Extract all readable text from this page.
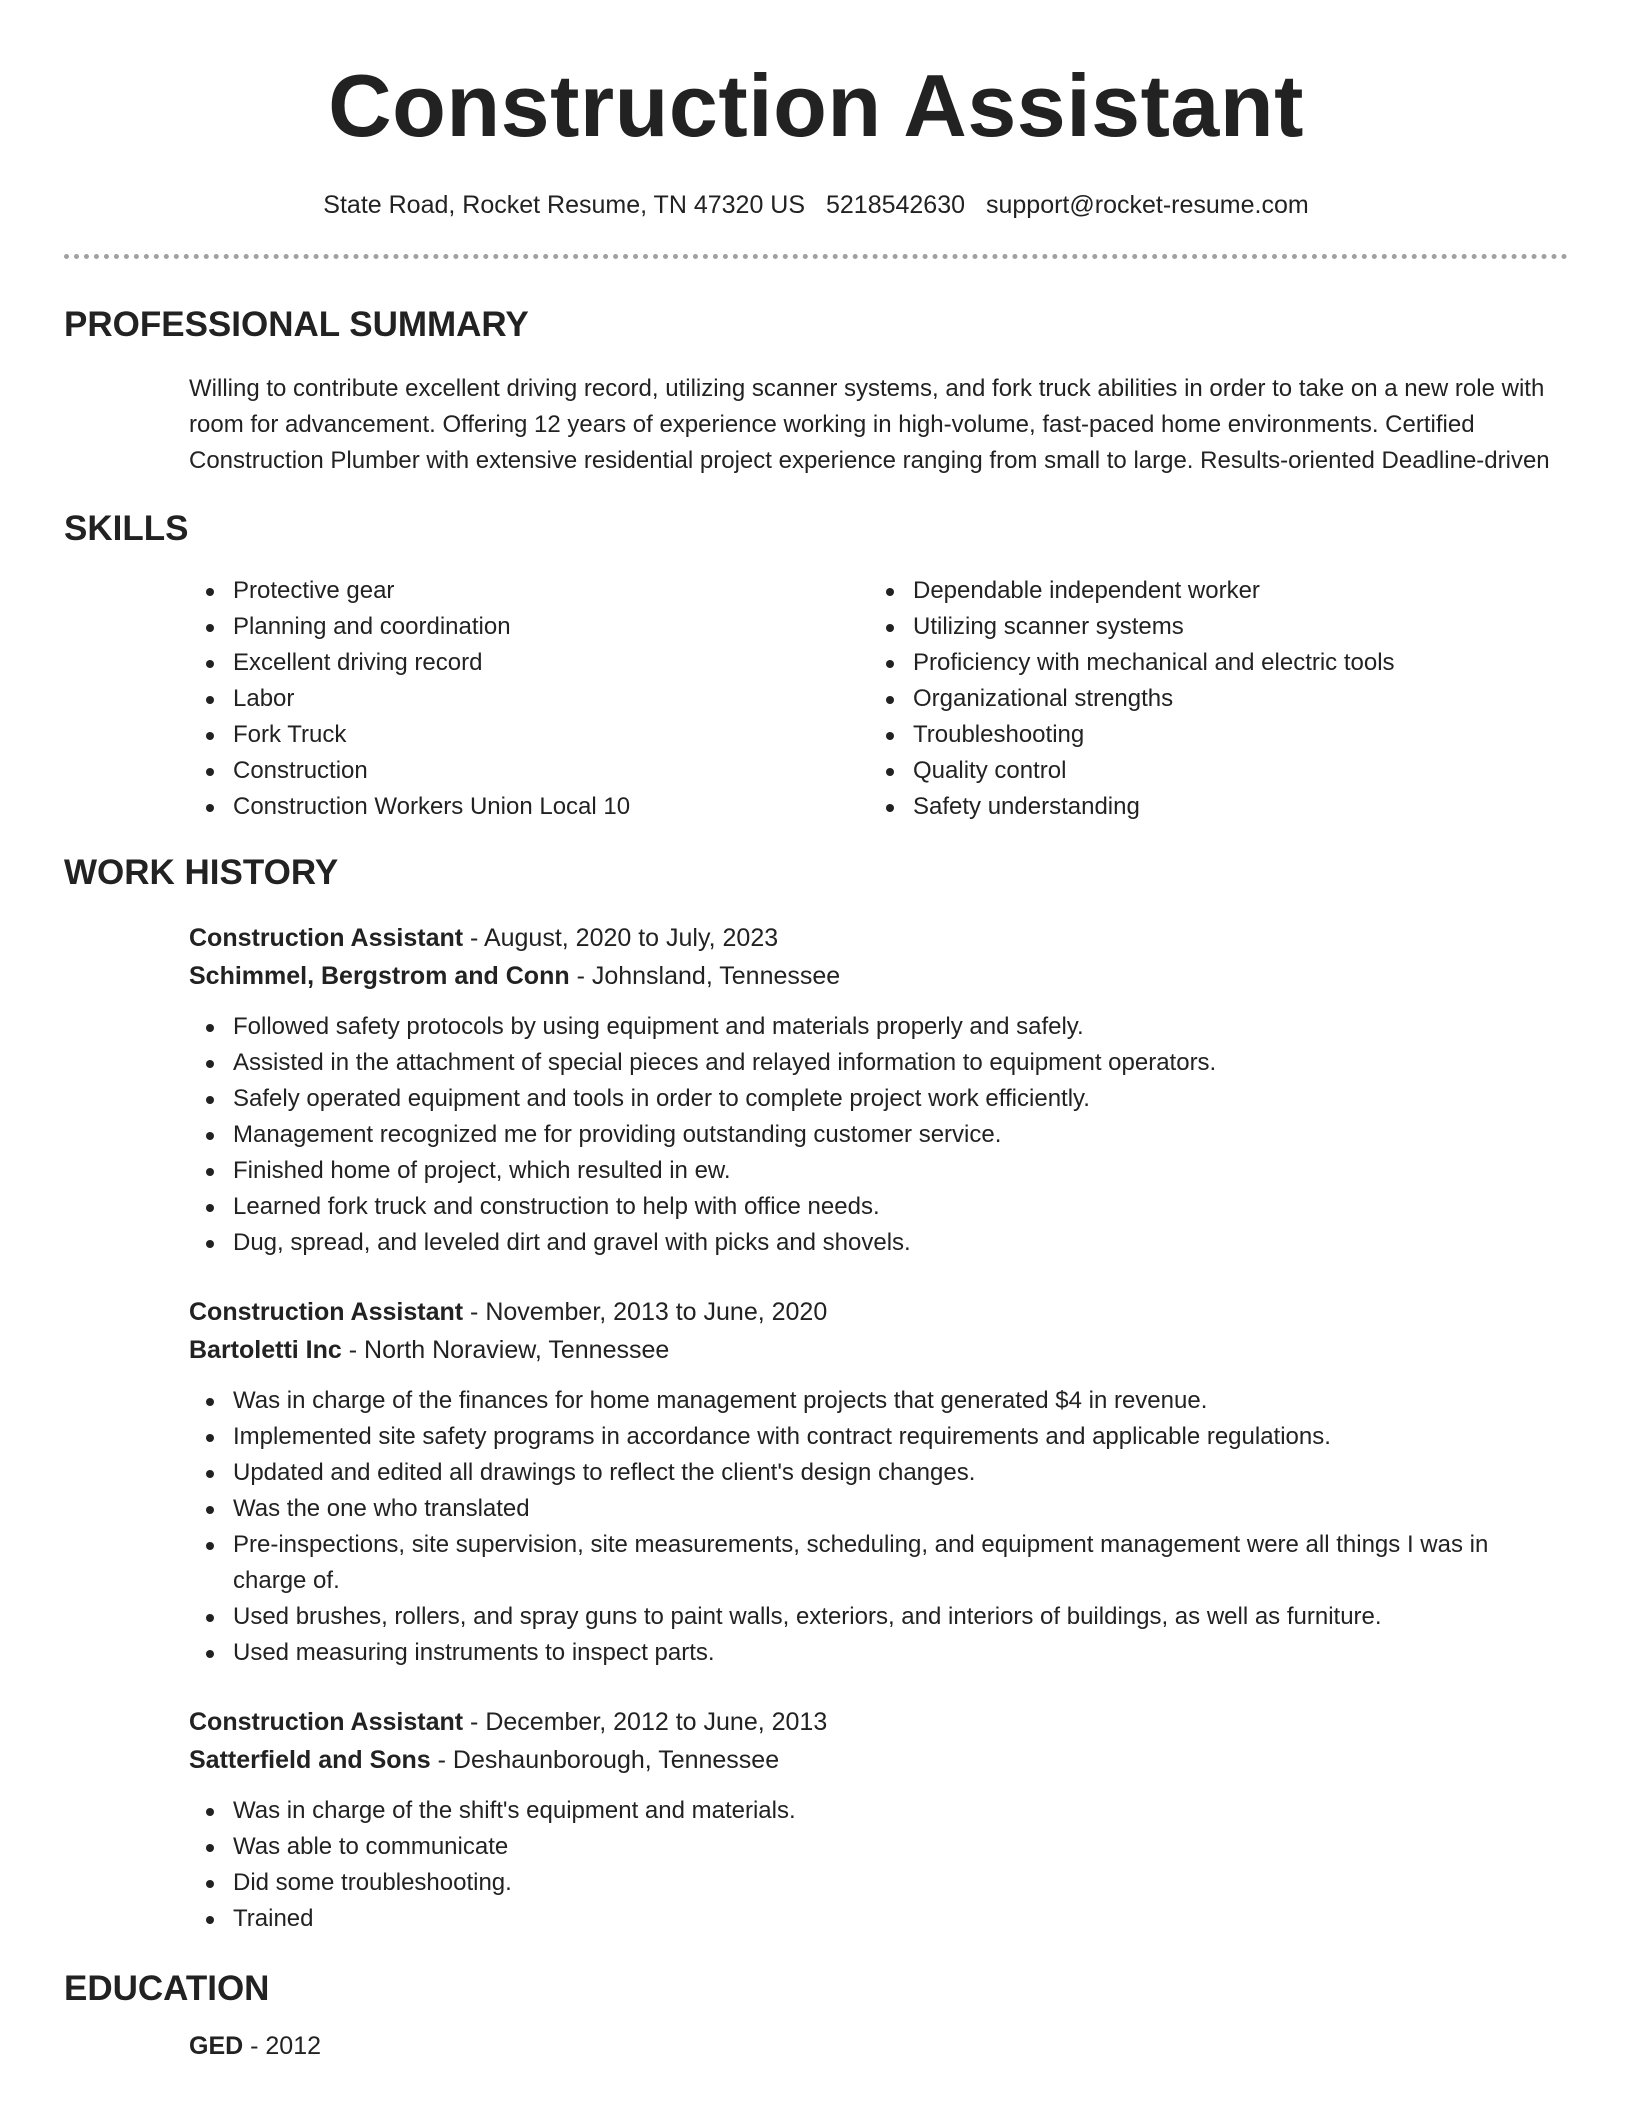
Construction Assistant
State Road, Rocket Resume, TN 47320 US 5218542630 support@rocket-resume.com
PROFESSIONAL SUMMARY
Willing to contribute excellent driving record, utilizing scanner systems, and fork truck abilities in order to take on a new role with room for advancement. Offering 12 years of experience working in high-volume, fast-paced home environments. Certified Construction Plumber with extensive residential project experience ranging from small to large. Results-oriented Deadline-driven
SKILLS
Protective gear
Planning and coordination
Excellent driving record
Labor
Fork Truck
Construction
Construction Workers Union Local 10
Dependable independent worker
Utilizing scanner systems
Proficiency with mechanical and electric tools
Organizational strengths
Troubleshooting
Quality control
Safety understanding
WORK HISTORY
Construction Assistant - August, 2020 to July, 2023
Schimmel, Bergstrom and Conn - Johnsland, Tennessee
Followed safety protocols by using equipment and materials properly and safely.
Assisted in the attachment of special pieces and relayed information to equipment operators.
Safely operated equipment and tools in order to complete project work efficiently.
Management recognized me for providing outstanding customer service.
Finished home of project, which resulted in ew.
Learned fork truck and construction to help with office needs.
Dug, spread, and leveled dirt and gravel with picks and shovels.
Construction Assistant - November, 2013 to June, 2020
Bartoletti Inc - North Noraview, Tennessee
Was in charge of the finances for home management projects that generated $4 in revenue.
Implemented site safety programs in accordance with contract requirements and applicable regulations.
Updated and edited all drawings to reflect the client's design changes.
Was the one who translated
Pre-inspections, site supervision, site measurements, scheduling, and equipment management were all things I was in charge of.
Used brushes, rollers, and spray guns to paint walls, exteriors, and interiors of buildings, as well as furniture.
Used measuring instruments to inspect parts.
Construction Assistant - December, 2012 to June, 2013
Satterfield and Sons - Deshaunborough, Tennessee
Was in charge of the shift's equipment and materials.
Was able to communicate
Did some troubleshooting.
Trained
EDUCATION
GED - 2012
